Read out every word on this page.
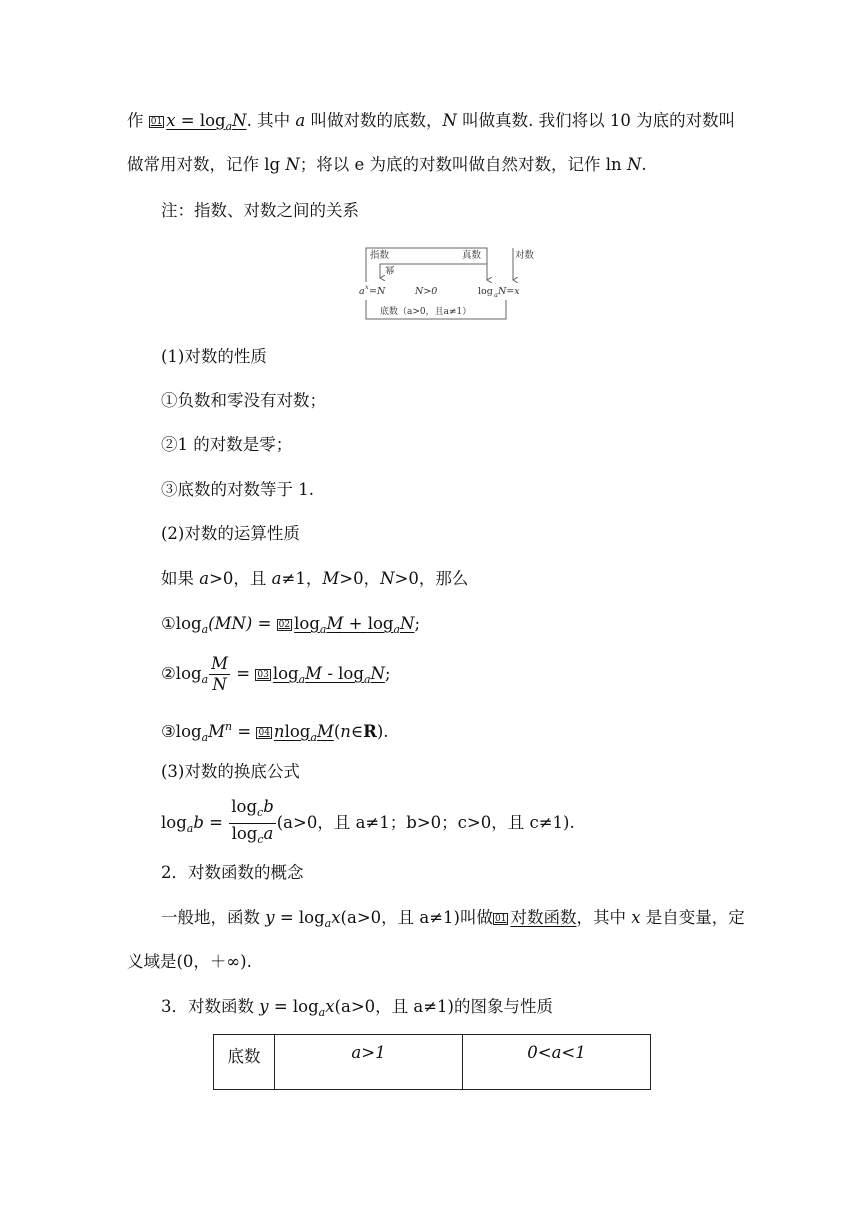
作 01 $x = \log_aN$. 其中 a 叫做对数的底数，N 叫做真数. 我们将以 10 为底的对数叫
做常用对数，记作 lg N；将以 e 为底的对数叫做自然对数，记作 ln N.
注：指数、对数之间的关系
指数	真数	对数
幂
a x =N	N>0	log a N=x
底数（a>0，且a≠1）
(1)对数的性质
①负数和零没有对数；
②1 的对数是零；
③底数的对数等于 1.
(2)对数的运算性质
如果 a>0，且 a≠1，M>0，N>0，那么
$①\log_a(MN) = 02$ $\log_aM + \log_aN$;
$②\log_a \frac{M}{N} = 03$ $\log_aM - \log_aN$;
$③\log_aM^n = 04$ nlog$_a$M(n∈R).
(3)对数的换底公式
$\log_ab = \frac{\log_cb}{\log_ca} (a>0$，且 a≠1；b>0；c>0，且 c≠1).
2．对数函数的概念
一般地，函数 $y = \log_ax(a>0$，且 a≠1)叫做 01 对数函数，其中 x 是自变量，定
义域是(0，＋∞).
3．对数函数 $y = \log_ax(a>0$，且 a≠1)的图象与性质
底数	a>1	0<a<1
